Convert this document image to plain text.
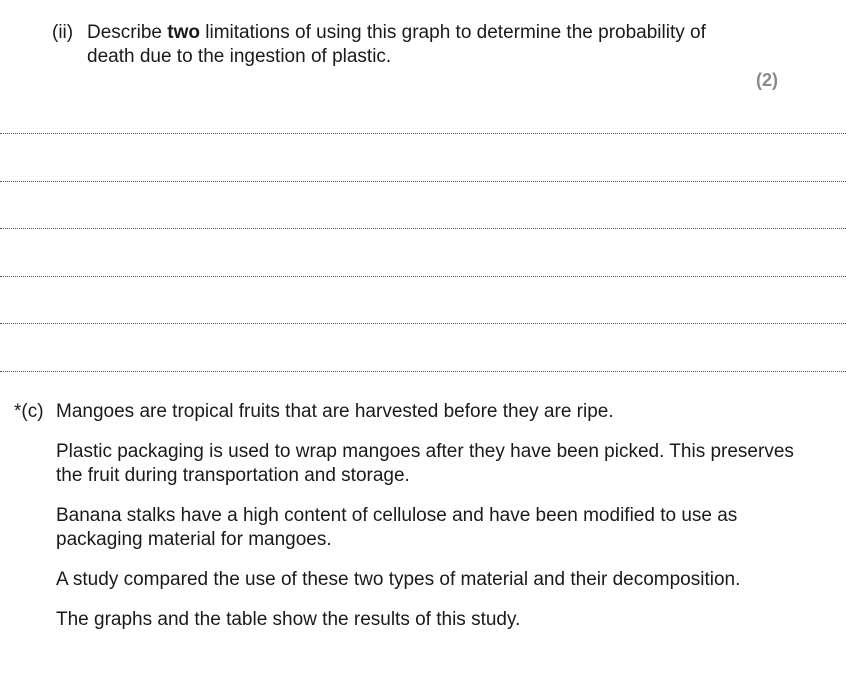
(ii) Describe two limitations of using this graph to determine the probability of death due to the ingestion of plastic.
(2)
*(c) Mangoes are tropical fruits that are harvested before they are ripe.

Plastic packaging is used to wrap mangoes after they have been picked. This preserves the fruit during transportation and storage.

Banana stalks have a high content of cellulose and have been modified to use as packaging material for mangoes.

A study compared the use of these two types of material and their decomposition.

The graphs and the table show the results of this study.
